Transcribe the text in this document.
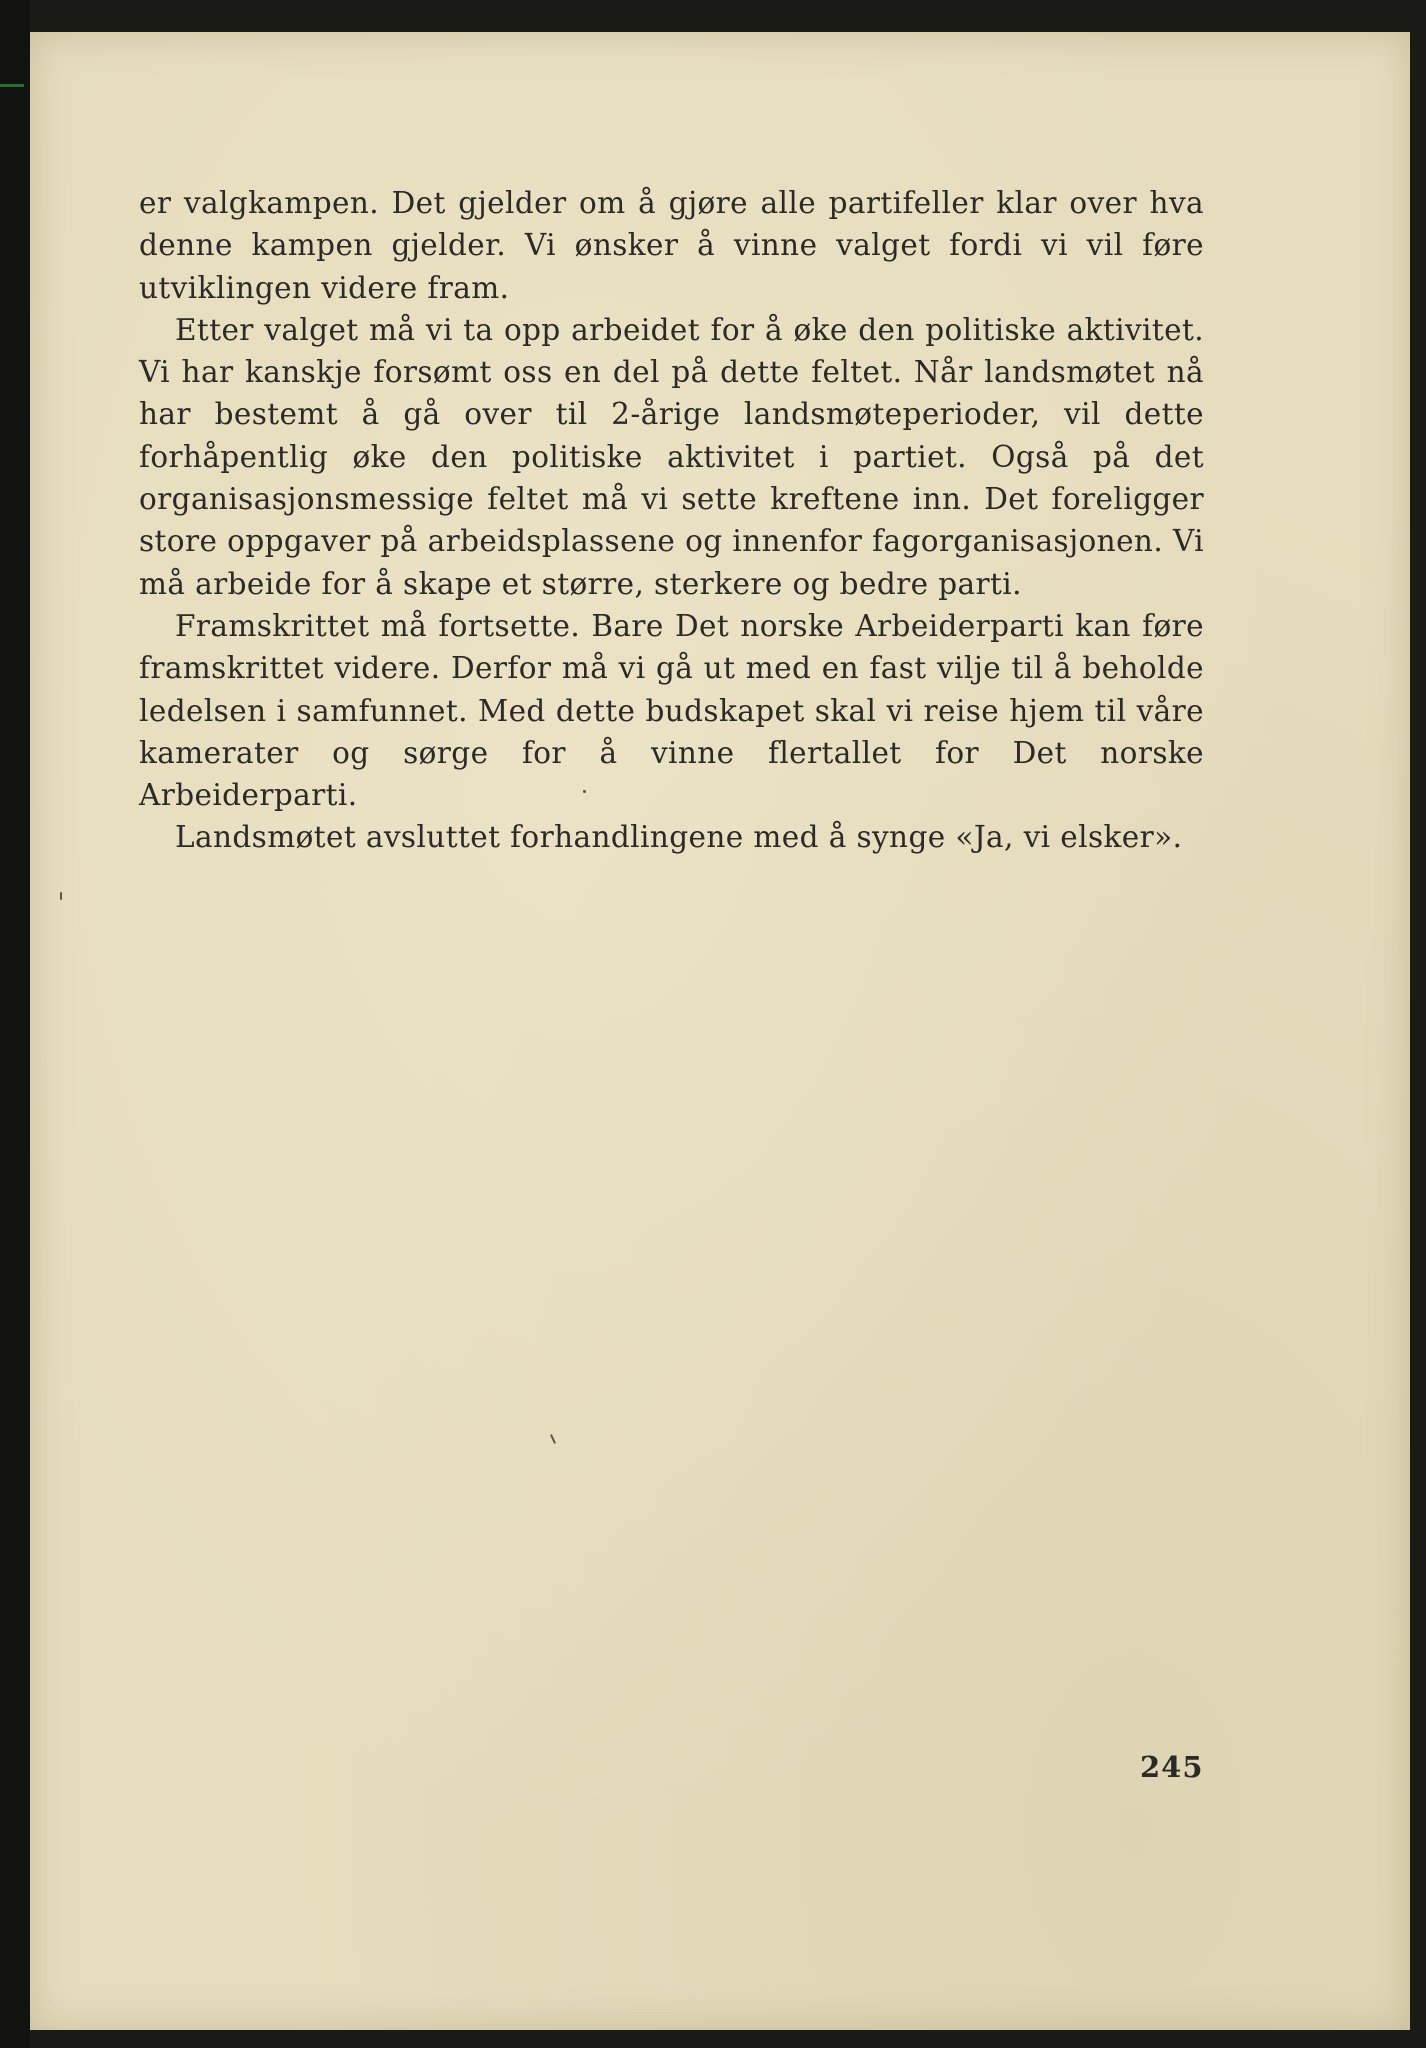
er valgkampen. Det gjelder om å gjøre alle partifeller klar over hva denne kampen gjelder. Vi ønsker å vinne valget fordi vi vil føre utviklingen videre fram.

Etter valget må vi ta opp arbeidet for å øke den politiske aktivitet. Vi har kanskje forsømt oss en del på dette feltet. Når landsmøtet nå har bestemt å gå over til 2-årige landsmøteperioder, vil dette forhåpentlig øke den politiske aktivitet i partiet. Også på det organisasjonsmessige feltet må vi sette kreftene inn. Det foreligger store oppgaver på arbeidsplassene og innenfor fagorganisasjonen. Vi må arbeide for å skape et større, sterkere og bedre parti.

Framskrittet må fortsette. Bare Det norske Arbeiderparti kan føre framskrittet videre. Derfor må vi gå ut med en fast vilje til å beholde ledelsen i samfunnet. Med dette budskapet skal vi reise hjem til våre kamerater og sørge for å vinne flertallet for Det norske Arbeiderparti.

Landsmøtet avsluttet forhandlingene med å synge «Ja, vi elsker».

245
